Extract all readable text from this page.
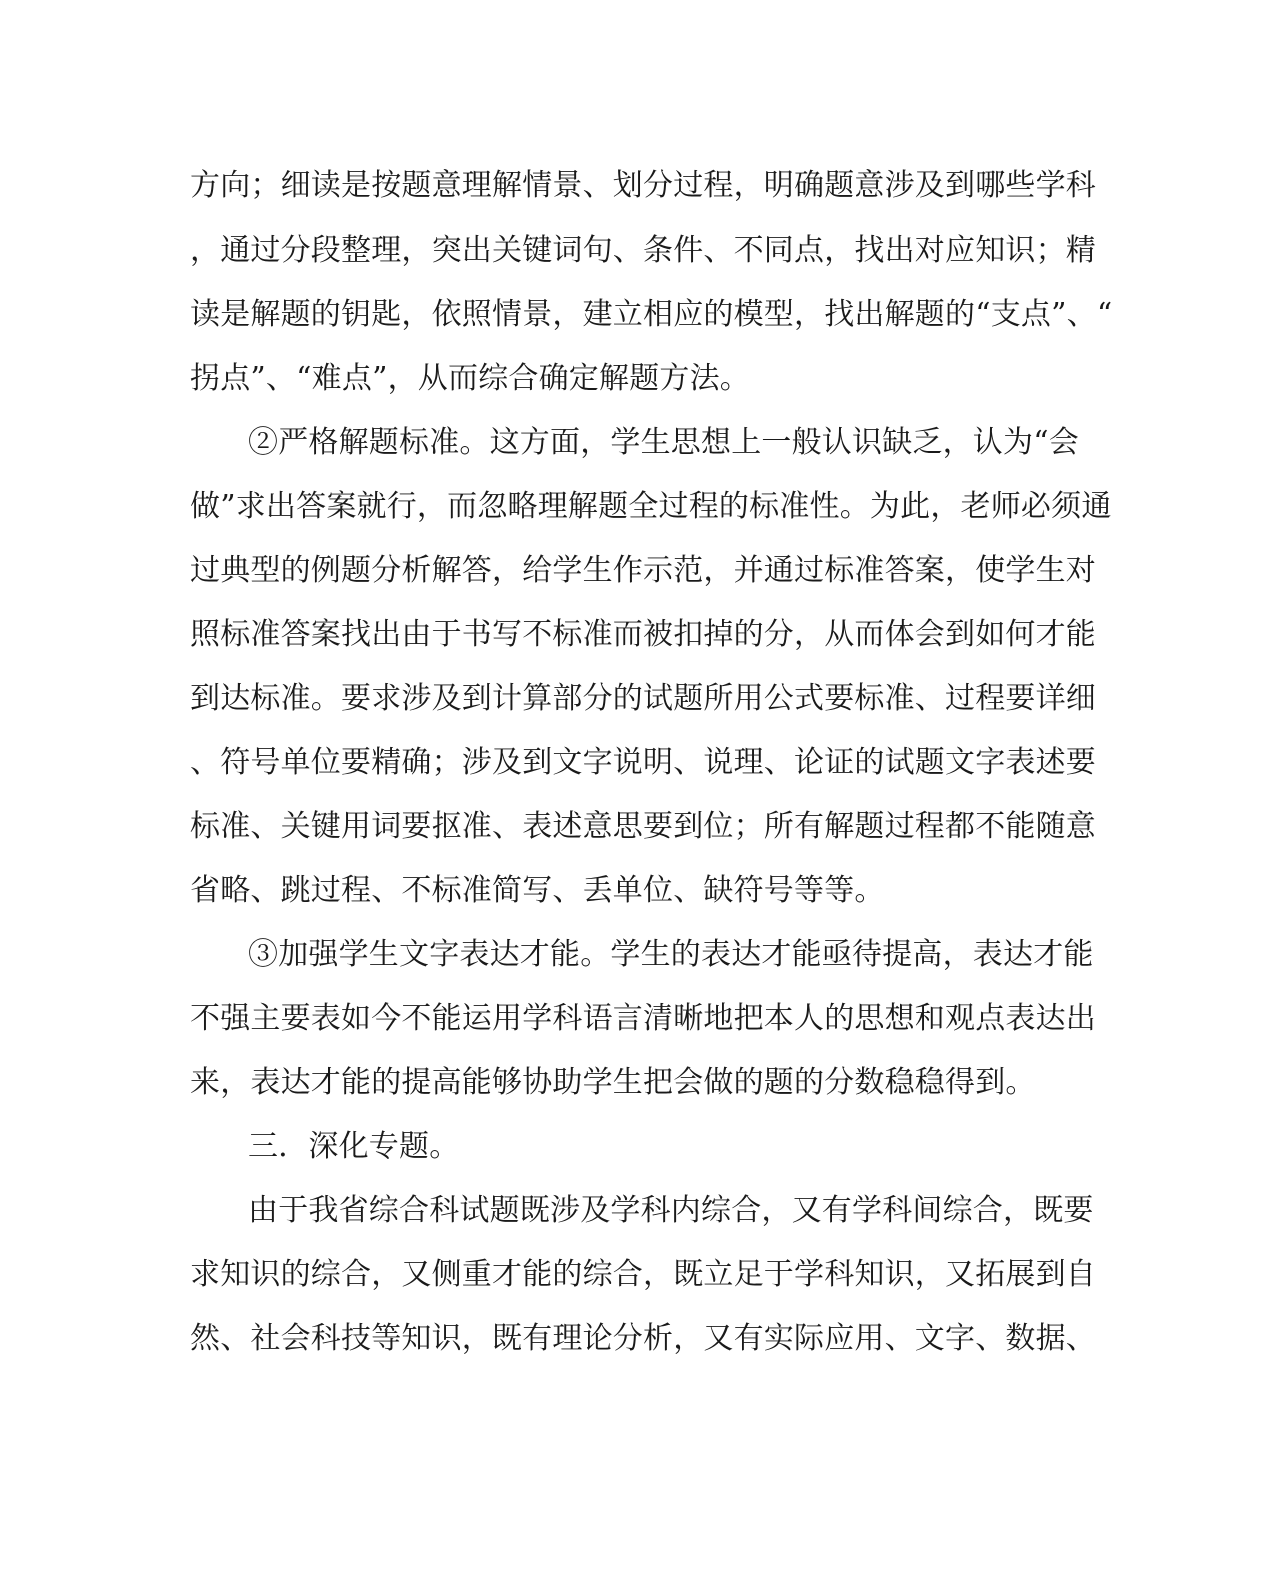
方向；细读是按题意理解情景、划分过程，明确题意涉及到哪些学科
，通过分段整理，突出关键词句、条件、不同点，找出对应知识；精
读是解题的钥匙，依照情景，建立相应的模型，找出解题的“支点”、“
拐点”、“难点”，从而综合确定解题方法。
②严格解题标准。这方面，学生思想上一般认识缺乏，认为“会
做”求出答案就行，而忽略理解题全过程的标准性。为此，老师必须通
过典型的例题分析解答，给学生作示范，并通过标准答案，使学生对
照标准答案找出由于书写不标准而被扣掉的分，从而体会到如何才能
到达标准。要求涉及到计算部分的试题所用公式要标准、过程要详细
、符号单位要精确；涉及到文字说明、说理、论证的试题文字表述要
标准、关键用词要抠准、表述意思要到位；所有解题过程都不能随意
省略、跳过程、不标准简写、丢单位、缺符号等等。
③加强学生文字表达才能。学生的表达才能亟待提高，表达才能
不强主要表如今不能运用学科语言清晰地把本人的思想和观点表达出
来，表达才能的提高能够协助学生把会做的题的分数稳稳得到。
三．深化专题。
由于我省综合科试题既涉及学科内综合，又有学科间综合，既要
求知识的综合，又侧重才能的综合，既立足于学科知识，又拓展到自
然、社会科技等知识，既有理论分析，又有实际应用、文字、数据、
